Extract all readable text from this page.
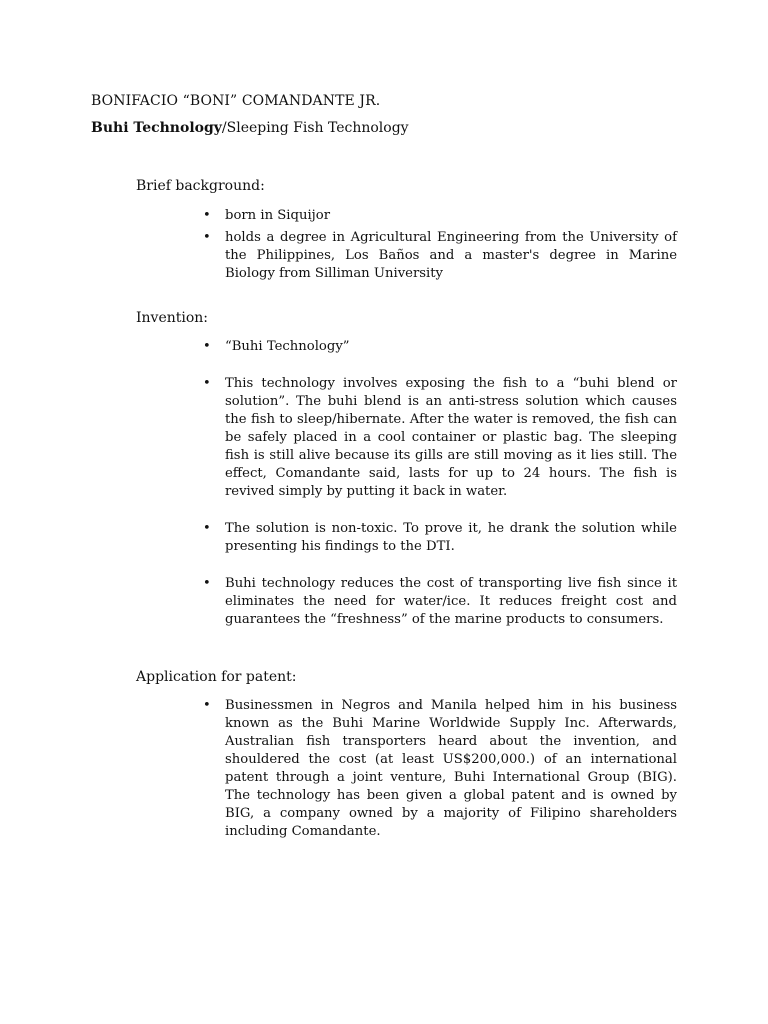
BONIFACIO “BONI” COMANDANTE JR.
Buhi Technology/Sleeping Fish Technology
Brief background:
• born in Siquijor
• holds a degree in Agricultural Engineering from the University of the Philippines, Los Baños and a master's degree in Marine Biology from Silliman University
Invention:
• “Buhi Technology”
• This technology involves exposing the fish to a “buhi blend or solution”. The buhi blend is an anti-stress solution which causes the fish to sleep/hibernate. After the water is removed, the fish can be safely placed in a cool container or plastic bag. The sleeping fish is still alive because its gills are still moving as it lies still. The effect, Comandante said, lasts for up to 24 hours. The fish is revived simply by putting it back in water.
• The solution is non-toxic. To prove it, he drank the solution while presenting his findings to the DTI.
• Buhi technology reduces the cost of transporting live fish since it eliminates the need for water/ice. It reduces freight cost and guarantees the “freshness” of the marine products to consumers.
Application for patent:
• Businessmen in Negros and Manila helped him in his business known as the Buhi Marine Worldwide Supply Inc. Afterwards, Australian fish transporters heard about the invention, and shouldered the cost (at least US$200,000.) of an international patent through a joint venture, Buhi International Group (BIG). The technology has been given a global patent and is owned by BIG, a company owned by a majority of Filipino shareholders including Comandante.
